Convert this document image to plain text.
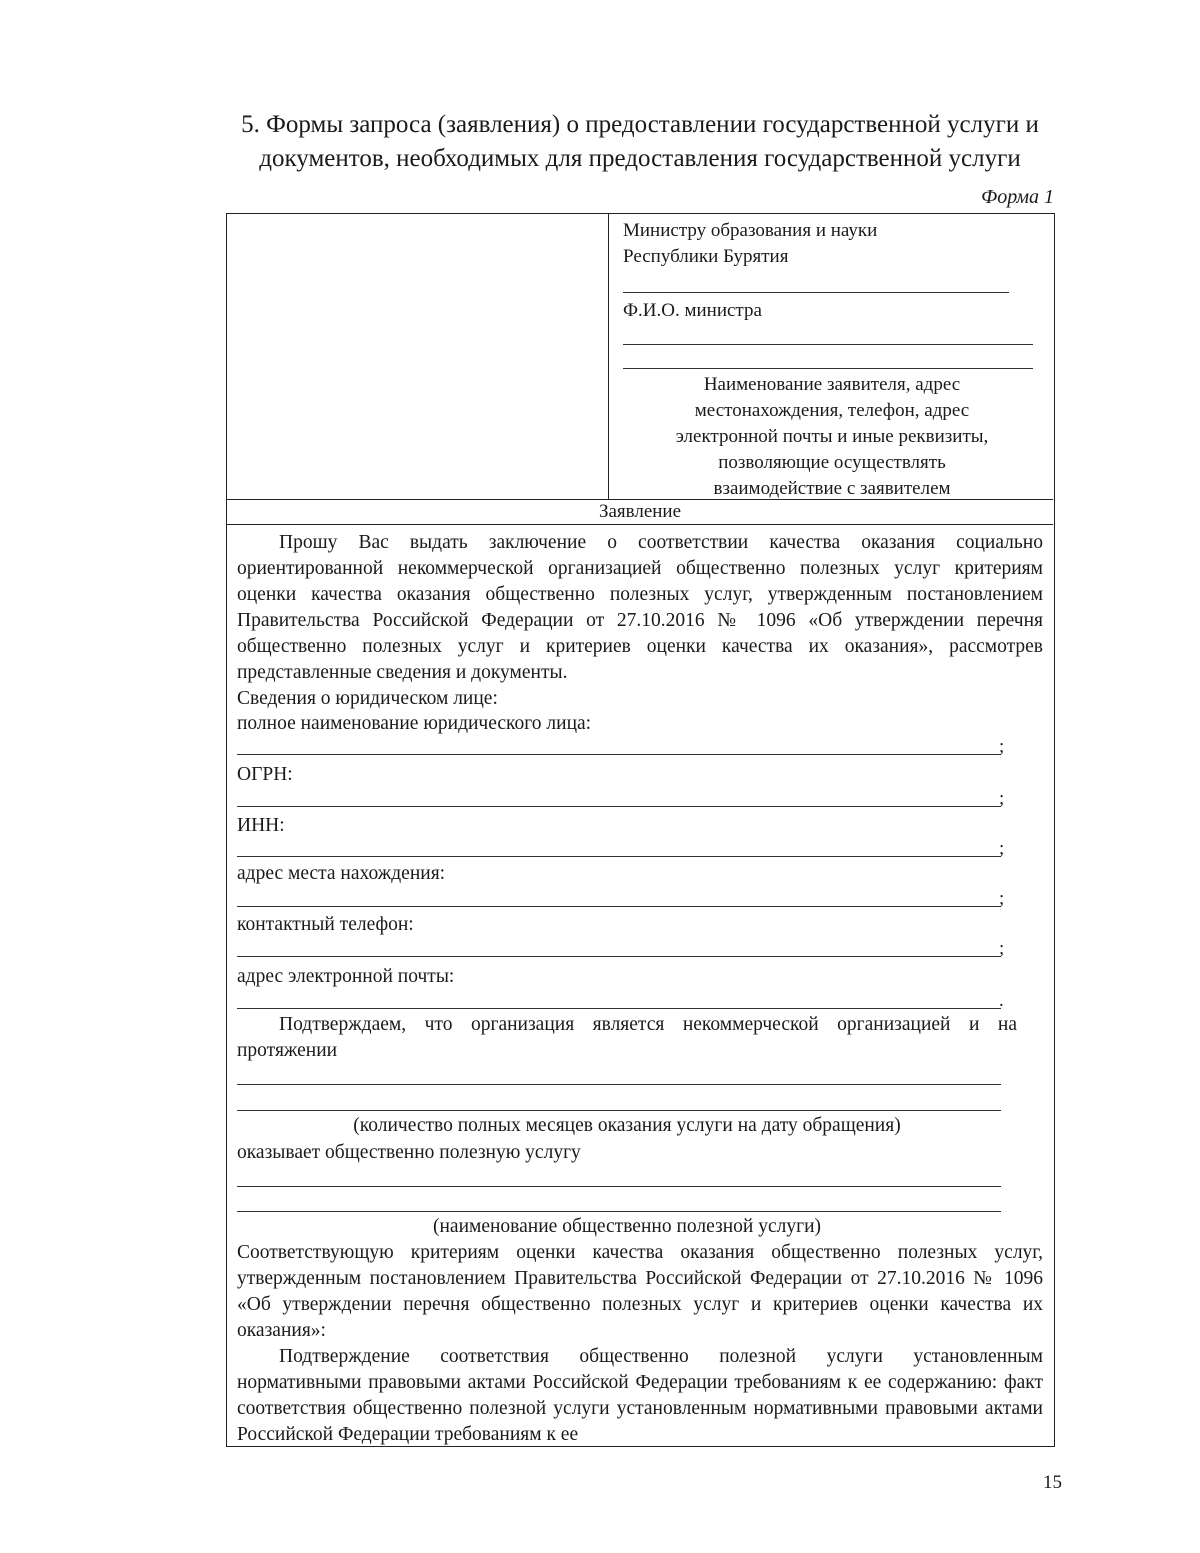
5. Формы запроса (заявления) о предоставлении государственной услуги и
документов, необходимых для предоставления государственной услуги
Форма 1
Министру образования и науки
Республики Бурятия
Ф.И.О. министра
Наименование заявителя, адрес
местонахождения, телефон, адрес
электронной почты и иные реквизиты,
позволяющие осуществлять
взаимодействие с заявителем
Заявление
Прошу Вас выдать заключение о соответствии качества оказания социально ориентированной некоммерческой организацией общественно полезных услуг критериям оценки качества оказания общественно полезных услуг, утвержденным постановлением Правительства Российской Федерации от 27.10.2016 № 1096 «Об утверждении перечня общественно полезных услуг и критериев оценки качества их оказания», рассмотрев представленные сведения и документы.
Сведения о юридическом лице:
полное наименование юридического лица:
;
ОГРН:
;
ИНН:
;
адрес места нахождения:
;
контактный телефон:
;
адрес электронной почты:
.
Подтверждаем, что организация является некоммерческой организацией и на протяжении
(количество полных месяцев оказания услуги на дату обращения)
оказывает общественно полезную услугу
(наименование общественно полезной услуги)
Соответствующую критериям оценки качества оказания общественно полезных услуг, утвержденным постановлением Правительства Российской Федерации от 27.10.2016 № 1096 «Об утверждении перечня общественно полезных услуг и критериев оценки качества их оказания»:
Подтверждение соответствия общественно полезной услуги установленным нормативными правовыми актами Российской Федерации требованиям к ее содержанию: факт соответствия общественно полезной услуги установленным нормативными правовыми актами Российской Федерации требованиям к ее
15
